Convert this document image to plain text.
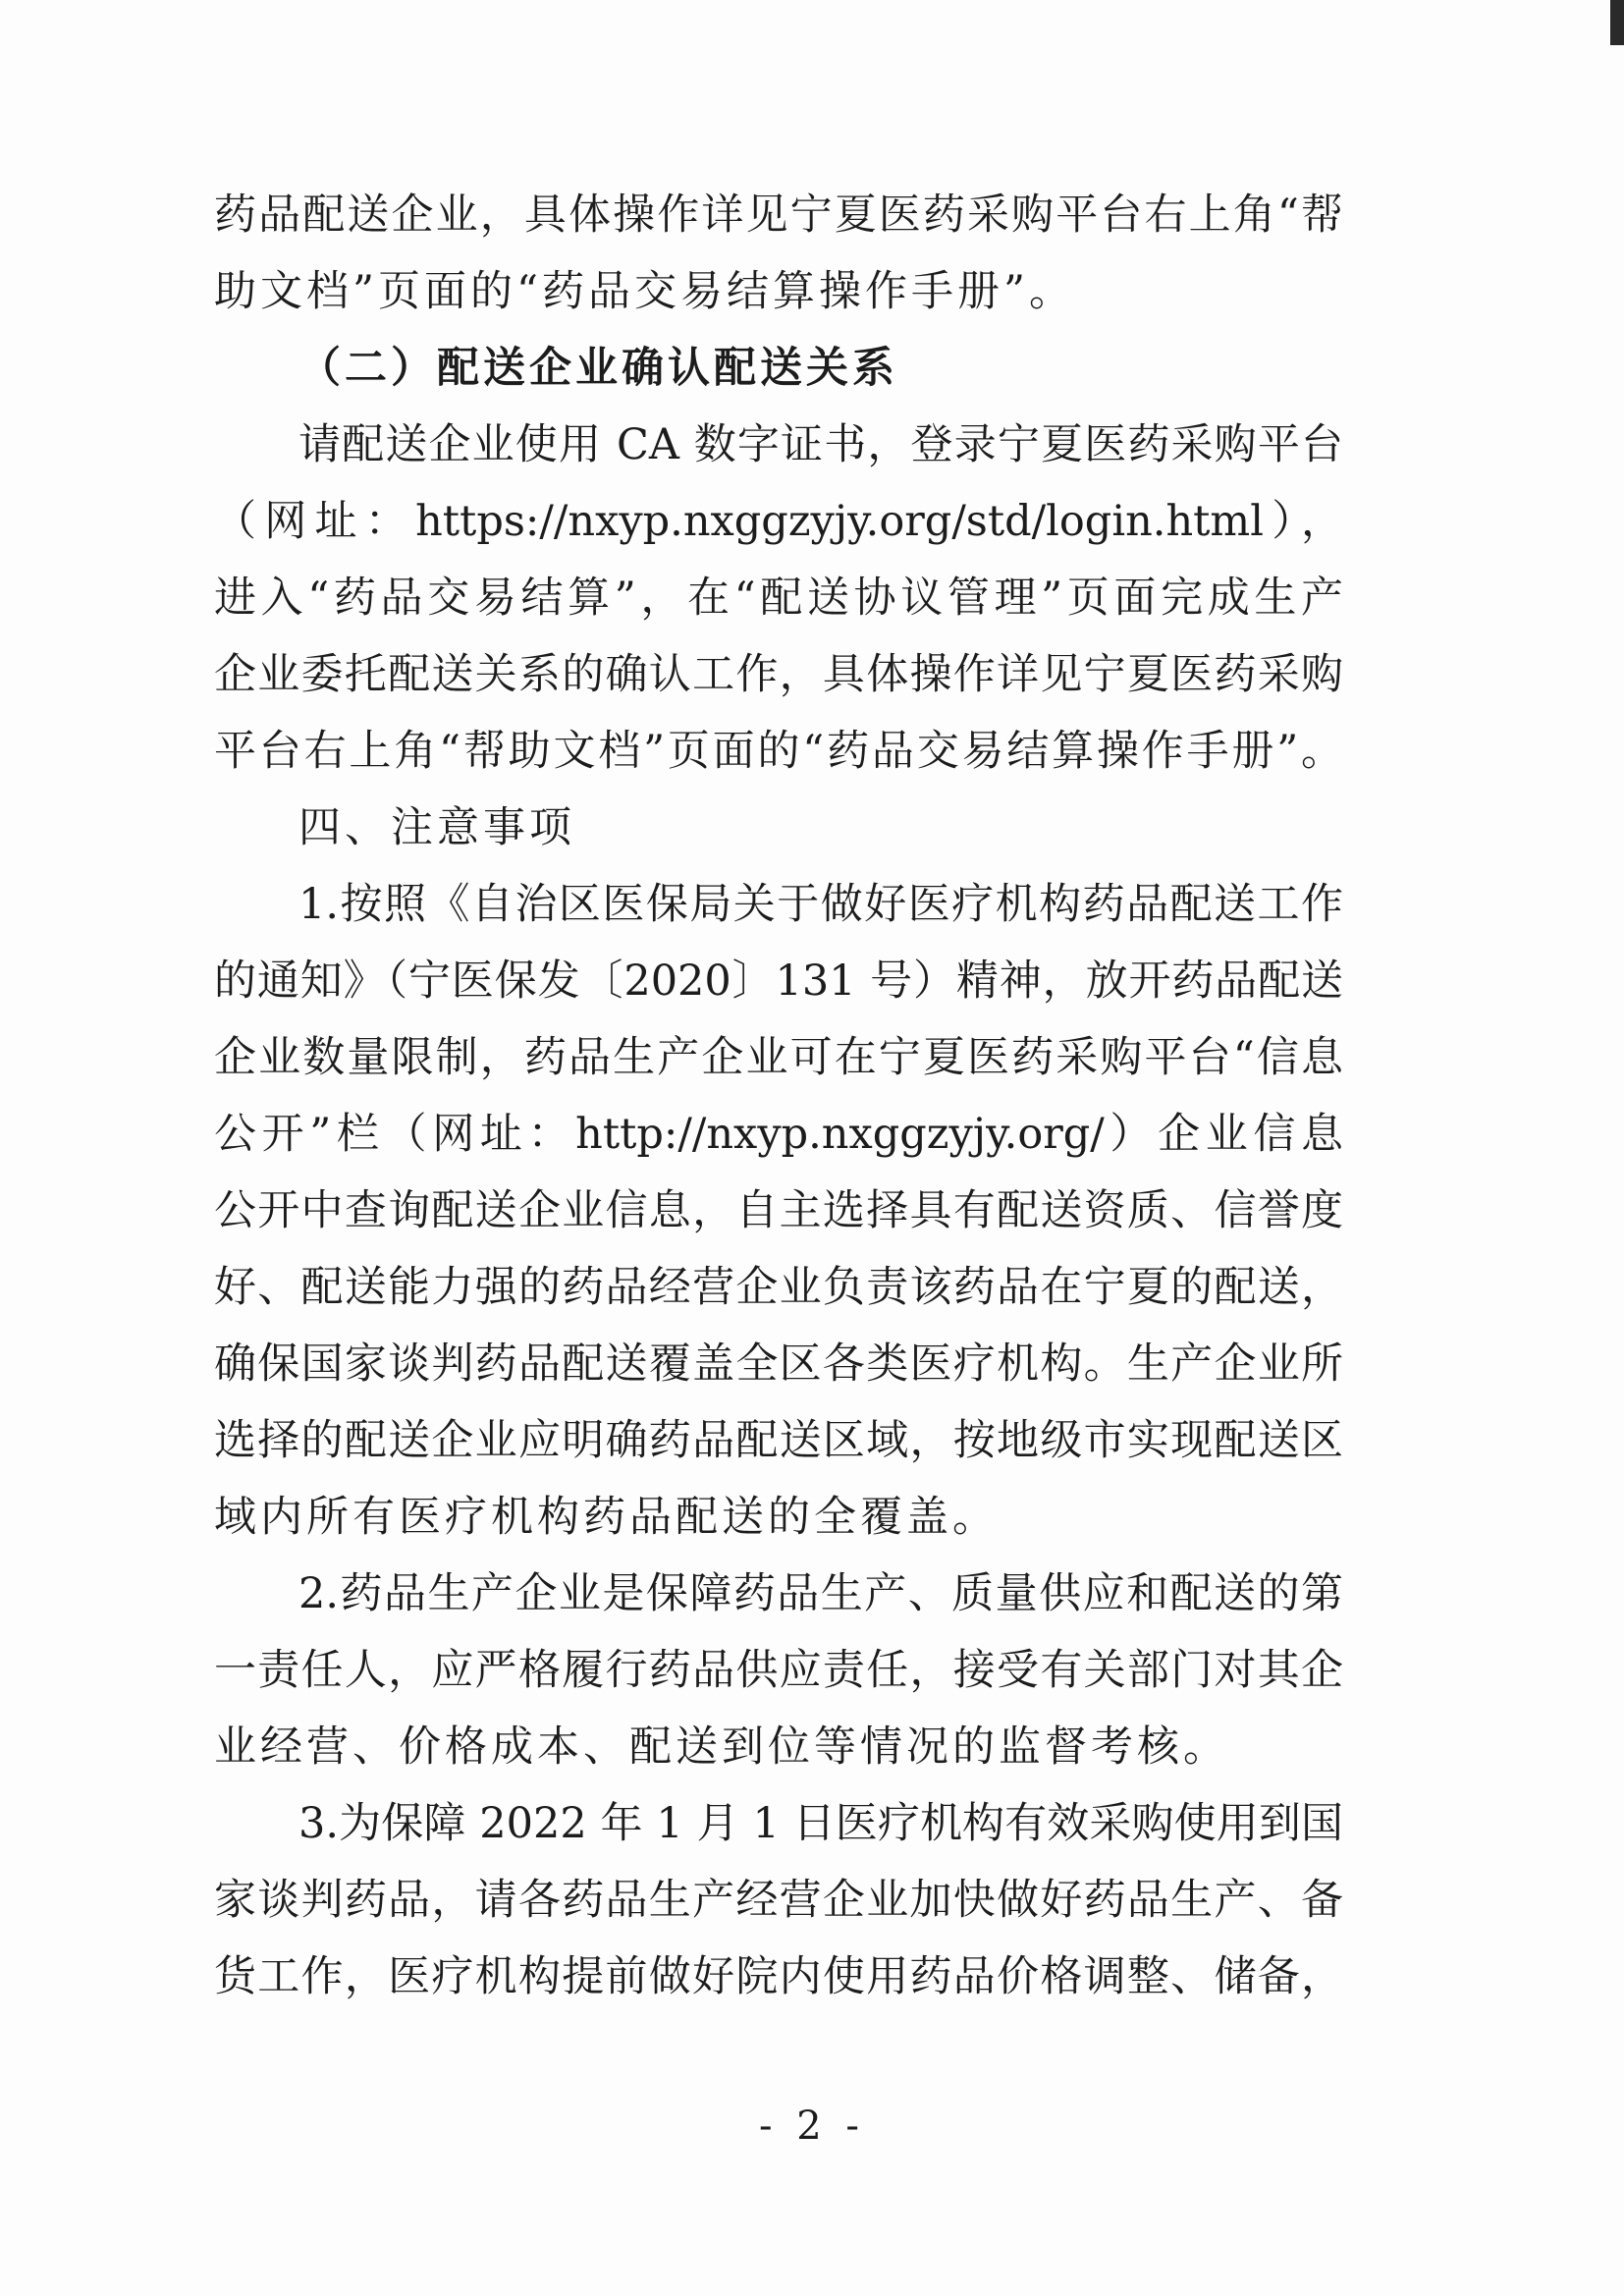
药品配送企业，具体操作详见宁夏医药采购平台右上角“帮
助文档”页面的“药品交易结算操作手册”。
（二）配送企业确认配送关系
请配送企业使用 CA 数字证书，登录宁夏医药采购平台
（网址：https://nxyp.nxggzyjy.org/std/login.html），
进入“药品交易结算”，在“配送协议管理”页面完成生产
企业委托配送关系的确认工作，具体操作详见宁夏医药采购
平台右上角“帮助文档”页面的“药品交易结算操作手册”。
四、注意事项
1.按照《自治区医保局关于做好医疗机构药品配送工作
的通知》（宁医保发〔2020〕131 号）精神，放开药品配送
企业数量限制，药品生产企业可在宁夏医药采购平台“信息
公开”栏（网址：http://nxyp.nxggzyjy.org/）企业信息
公开中查询配送企业信息，自主选择具有配送资质、信誉度
好、配送能力强的药品经营企业负责该药品在宁夏的配送，
确保国家谈判药品配送覆盖全区各类医疗机构。生产企业所
选择的配送企业应明确药品配送区域，按地级市实现配送区
域内所有医疗机构药品配送的全覆盖。
2.药品生产企业是保障药品生产、质量供应和配送的第
一责任人，应严格履行药品供应责任，接受有关部门对其企
业经营、价格成本、配送到位等情况的监督考核。
3.为保障 2022 年 1 月 1 日医疗机构有效采购使用到国
家谈判药品，请各药品生产经营企业加快做好药品生产、备
货工作，医疗机构提前做好院内使用药品价格调整、储备，
- 2 -
